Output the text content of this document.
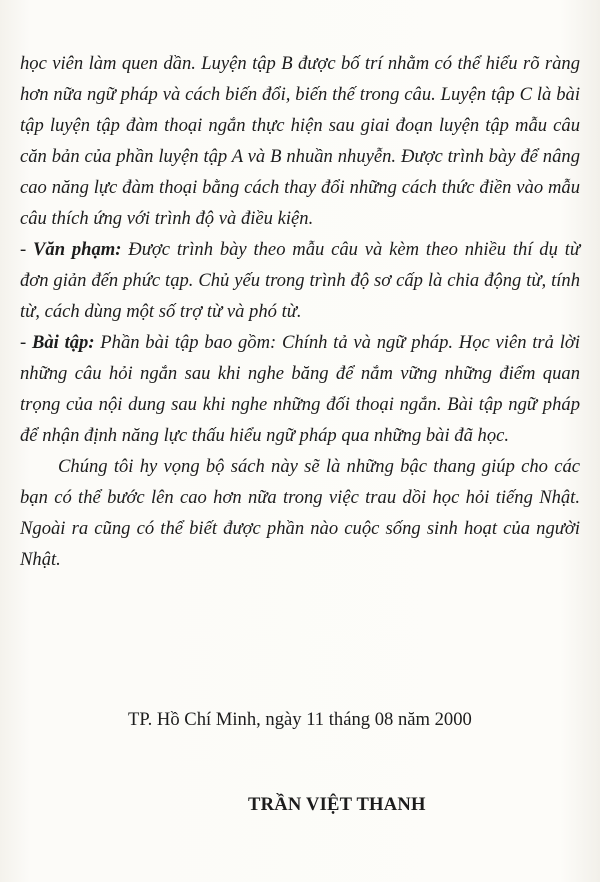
học viên làm quen dần. Luyện tập B được bố trí nhằm có thể hiểu rõ ràng hơn nữa ngữ pháp và cách biến đổi, biến thế trong câu. Luyện tập C là bài tập luyện tập đàm thoại ngắn thực hiện sau giai đoạn luyện tập mẫu câu căn bản của phần luyện tập A và B nhuần nhuyễn. Được trình bày để nâng cao năng lực đàm thoại bằng cách thay đổi những cách thức điền vào mẫu câu thích ứng với trình độ và điều kiện.

- Văn phạm: Được trình bày theo mẫu câu và kèm theo nhiều thí dụ từ đơn giản đến phức tạp. Chủ yếu trong trình độ sơ cấp là chia động từ, tính từ, cách dùng một số trợ từ và phó từ.

- Bài tập: Phần bài tập bao gồm: Chính tả và ngữ pháp. Học viên trả lời những câu hỏi ngắn sau khi nghe băng để nắm vững những điểm quan trọng của nội dung sau khi nghe những đối thoại ngắn. Bài tập ngữ pháp để nhận định năng lực thấu hiểu ngữ pháp qua những bài đã học.

Chúng tôi hy vọng bộ sách này sẽ là những bậc thang giúp cho các bạn có thể bước lên cao hơn nữa trong việc trau dồi học hỏi tiếng Nhật. Ngoài ra cũng có thể biết được phần nào cuộc sống sinh hoạt của người Nhật.

TP. Hồ Chí Minh, ngày 11 tháng 08 năm 2000
TRẦN VIỆT THANH
